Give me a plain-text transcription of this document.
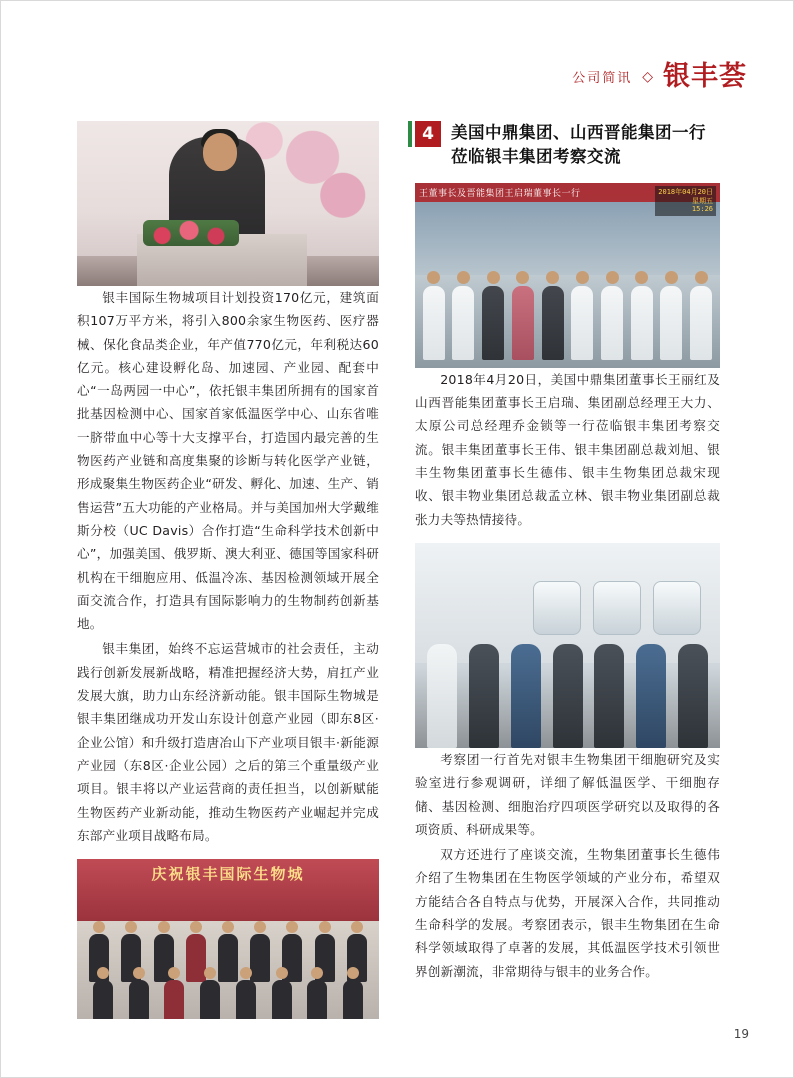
公司简讯 ◇ 银丰荟

银丰国际生物城项目计划投资170亿元，建筑面积107万平方米，将引入800余家生物医药、医疗器械、保化食品类企业，年产值770亿元，年利税达60亿元。核心建设孵化岛、加速园、产业园、配套中心“一岛两园一中心”，依托银丰集团所拥有的国家首批基因检测中心、国家首家低温医学中心、山东省唯一脐带血中心等十大支撑平台，打造国内最完善的生物医药产业链和高度集聚的诊断与转化医学产业链，形成聚集生物医药企业“研发、孵化、加速、生产、销售运营”五大功能的产业格局。并与美国加州大学戴维斯分校（UC Davis）合作打造“生命科学技术创新中心”，加强美国、俄罗斯、澳大利亚、德国等国家科研机构在干细胞应用、低温冷冻、基因检测领域开展全面交流合作，打造具有国际影响力的生物制药创新基地。

银丰集团，始终不忘运营城市的社会责任，主动践行创新发展新战略，精准把握经济大势，肩扛产业发展大旗，助力山东经济新动能。银丰国际生物城是银丰集团继成功开发山东设计创意产业园（即东8区·企业公馆）和升级打造唐冶山下产业项目银丰·新能源产业园（东8区·企业公园）之后的第三个重量级产业项目。银丰将以产业运营商的责任担当，以创新赋能生物医药产业新动能，推动生物医药产业崛起并完成东部产业项目战略布局。

庆祝银丰国际生物城
4	美国中鼎集团、山西晋能集团一行莅临银丰集团考察交流
王董事长及晋能集团王启瑞董事长一行	2018年04月20日
星期五
15:26

2018年4月20日，美国中鼎集团董事长王丽红及山西晋能集团董事长王启瑞、集团副总经理王大力、太原公司总经理乔金锁等一行莅临银丰集团考察交流。银丰集团董事长王伟、银丰集团副总裁刘旭、银丰生物集团董事长生德伟、银丰生物集团总裁宋现收、银丰物业集团总裁孟立林、银丰物业集团副总裁张力夫等热情接待。

考察团一行首先对银丰生物集团干细胞研究及实验室进行参观调研，详细了解低温医学、干细胞存储、基因检测、细胞治疗四项医学研究以及取得的各项资质、科研成果等。

双方还进行了座谈交流，生物集团董事长生德伟介绍了生物集团在生物医学领域的产业分布，希望双方能结合各自特点与优势，开展深入合作，共同推动生命科学的发展。考察团表示，银丰生物集团在生命科学领域取得了卓著的发展，其低温医学技术引领世界创新潮流，非常期待与银丰的业务合作。

19
